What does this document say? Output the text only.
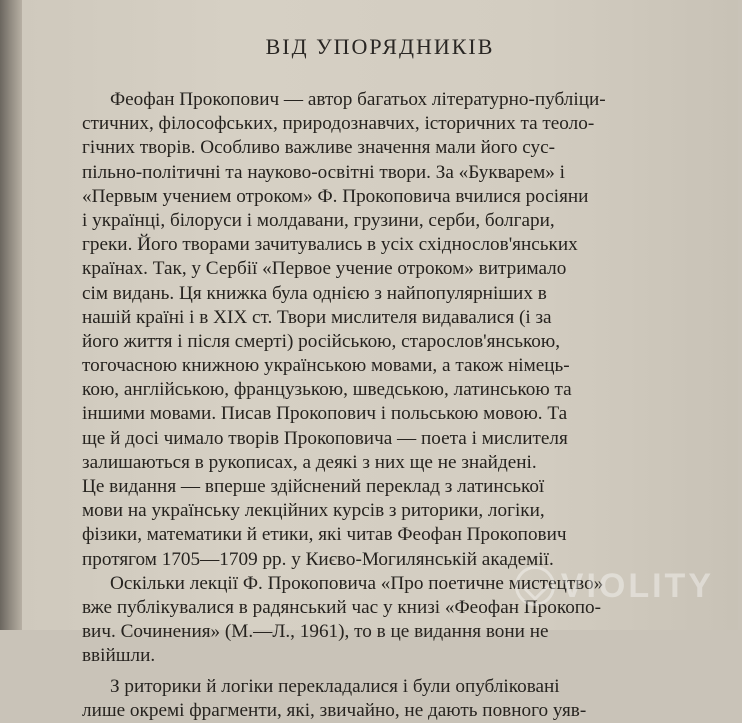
ВІД УПОРЯДНИКІВ
Феофан Прокопович — автор багатьох літературно-публіци-
стичних, філософських, природознавчих, історичних та теоло-
гічних творів. Особливо важливе значення мали його сус-
пільно-політичні та науково-освітні твори. За «Букварем» і
«Первым учением отроком» Ф. Прокоповича вчилися росіяни
і українці, білоруси і молдавани, грузини, серби, болгари,
греки. Його творами зачитувались в усіх східнослов'янських
країнах. Так, у Сербії «Первое учение отроком» витримало
сім видань. Ця книжка була однією з найпопулярніших в
нашій країні і в XIX ст. Твори мислителя видавалися (і за
його життя і після смерті) російською, старослов'янською,
тогочасною книжною українською мовами, а також німець-
кою, англійською, французькою, шведською, латинською та
іншими мовами. Писав Прокопович і польською мовою. Та
ще й досі чимало творів Прокоповича — поета і мислителя
залишаються в рукописах, а деякі з них ще не знайдені.
Це видання — вперше здійснений переклад з латинської
мови на українську лекційних курсів з риторики, логіки,
фізики, математики й етики, які читав Феофан Прокопович
протягом 1705—1709 рр. у Києво-Могилянській академії.
Оскільки лекції Ф. Прокоповича «Про поетичне мистецтво»
вже публікувалися в радянський час у книзі «Феофан Прокопо-
вич. Сочинения» (М.—Л., 1961), то в це видання вони не
ввійшли.
З риторики й логіки перекладалися і були опубліковані
лише окремі фрагменти, які, звичайно, не дають повного уяв-
VIOLITY
